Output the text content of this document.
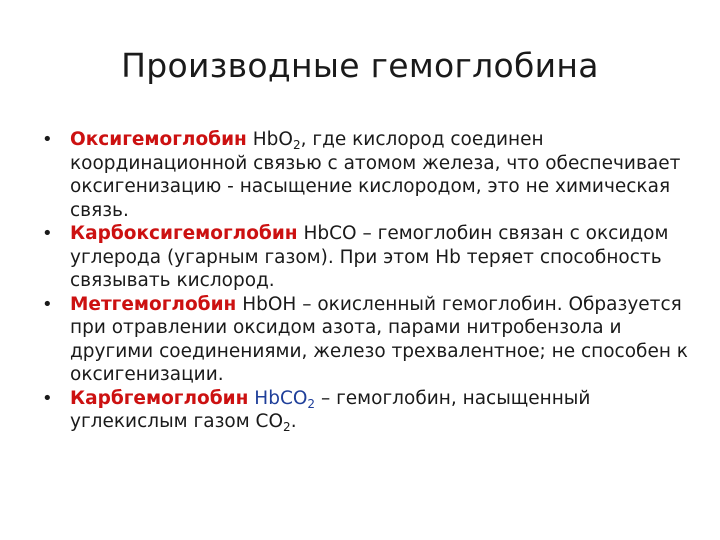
Производные гемоглобина
• Оксигемоглобин HbO$_2$, где кислород соединен координационной связью с атомом железа, что обеспечивает оксигенизацию - насыщение кислородом, это не химическая связь.
• Карбоксигемоглобин HbCO – гемоглобин связан с оксидом углерода (угарным газом). При этом Hb теряет способность связывать кислород.
• Метгемоглобин HbOH – окисленный гемоглобин. Образуется при отравлении оксидом азота, парами нитробензола и другими соединениями, железо трехвалентное; не способен к оксигенизации.
• Карбгемоглобин HbCO$_2$ – гемоглобин, насыщенный углекислым газом $СО_2$.
